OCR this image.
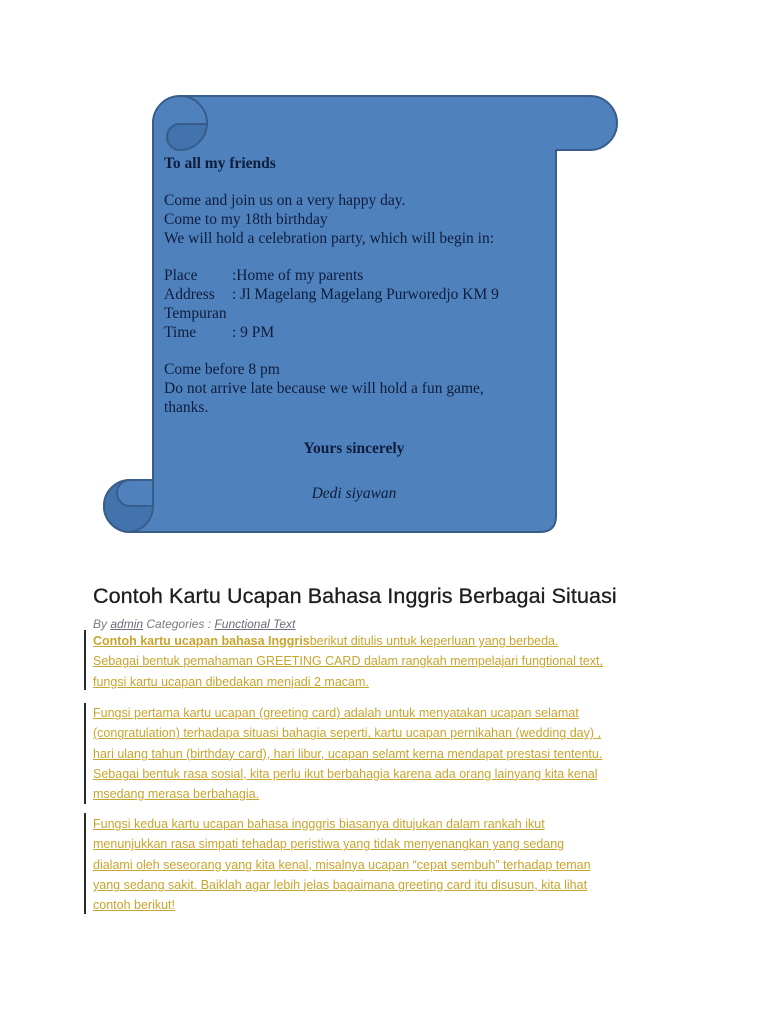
To all my friends
Come and join us on a very happy day.
Come to my 18th birthday
We will hold a celebration party, which will begin in:
Place	:Home of my parents
Address	: Jl Magelang Magelang Purworedjo KM 9
Tempuran
Time	: 9 PM
Come before 8 pm
Do not arrive late because we will hold a fun game,
thanks.
Yours sincerely
Dedi siyawan
Contoh Kartu Ucapan Bahasa Inggris Berbagai Situasi
By admin Categories : Functional Text
Contoh kartu ucapan bahasa Inggrisberikut ditulis untuk keperluan yang berbeda.
Sebagai bentuk pemahaman GREETING CARD dalam rangkah mempelajari fungtional text,
fungsi kartu ucapan dibedakan menjadi 2 macam.
Fungsi pertama kartu ucapan (greeting card) adalah untuk menyatakan ucapan selamat
(congratulation) terhadapa situasi bahagia seperti, kartu ucapan pernikahan (wedding day) ,
hari ulang tahun (birthday card), hari libur, ucapan selamt kerna mendapat prestasi tententu.
Sebagai bentuk rasa sosial, kita perlu ikut berbahagia karena ada orang lainyang kita kenal
msedang merasa berbahagia.
Fungsi kedua kartu ucapan bahasa ingggris biasanya ditujukan dalam rankah ikut
menunjukkan rasa simpati tehadap peristiwa yang tidak menyenangkan yang sedang
dialami oleh seseorang yang kita kenal, misalnya ucapan “cepat sembuh” terhadap teman
yang sedang sakit. Baiklah agar lebih jelas bagaimana greeting card itu disusun, kita lihat
contoh berikut!
